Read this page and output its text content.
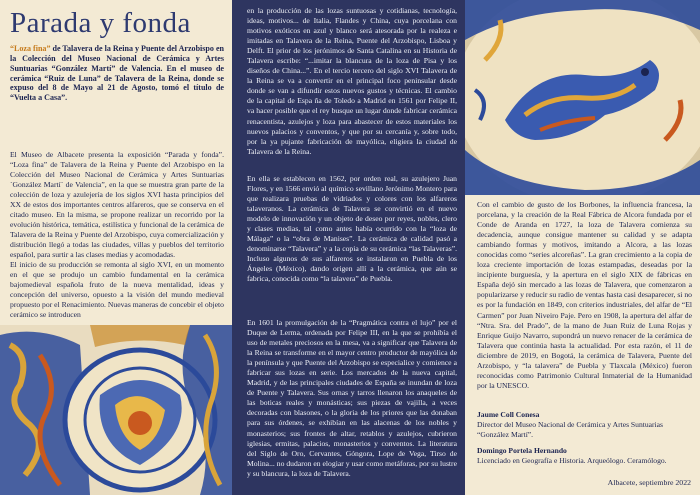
Parada y fonda
“Loza fina” de Talavera de la Reina y Puente del Arzobispo en la Colección del Museo Nacional de Cerámica y Artes Suntuarias “González Martí” de Valencia. En el museo de cerámica “Ruiz de Luna” de Talavera de la Reina, donde se expuso del 8 de Mayo al 21 de Agosto, tomó el título de “Vuelta a Casa”.
El Museo de Albacete presenta la exposición “Parada y fonda”. “Loza fina” de Talavera de la Reina y Puente del Arzobispo en la Colección del Museo Nacional de Cerámica y Artes Suntuarias ´González Martí´ de Valencia”, en la que se muestra gran parte de la colección de loza y azulejería de los siglos XVI hasta principios del XX de estos dos importantes centros alfareros, que se conserva en el citado museo. En la misma, se propone realizar un recorrido por la evolución histórica, temática, estilística y funcional de la cerámica de Talavera de la Reina y Puente del Arzobispo, cuya comercialización y distribución llegó a todas las ciudades, villas y pueblos del territorio español, para surtir a las clases medias y acomodadas.
El inicio de su producción se remonta al siglo XVI, en un momento en el que se produjo un cambio fundamental en la cerámica bajomedieval española fruto de la nueva mentalidad, ideas y concepción del universo, opuesto a la visión del mundo medieval propuesto por el Renacimiento. Nuevas maneras de concebir el objeto cerámico se introducen
en la producción de las lozas suntuosas y cotidianas, tecnología, ideas, motivos... de Italia, Flandes y China, cuya porcelana con motivos exóticos en azul y blanco será atesorada por la realeza e imitadas en Talavera de la Reina, Puente del Arzobispo, Lisboa y Delft. El prior de los jerónimos de Santa Catalina en su Historia de Talavera escribe: “...imitar la blancura de la loza de Pisa y los diseños de China...”. En el tercio tercero del siglo XVI Talavera de la Reina se va a convertir en el principal foco peninsular desde donde se van a difundir estos nuevos gustos y técnicas. El cambio de la capital de Espa ña de Toledo a Madrid en 1561 por Felipe II, va hacer posible que el rey busque un lugar donde fabricar cerámica renacentista, azulejos y loza para abastecer de estos materiales los nuevos palacios y conventos, y que por su cercanía y, sobre todo, por la ya pujante fabricación de mayólica, eligiera la ciudad de Talavera de la Reina.
En ella se establecen en 1562, por orden real, su azulejero Juan Flores, y en 1566 envió al químico sevillano Jerónimo Montero para que realizara pruebas de vidriados y colores con los alfareros talaveranos. La cerámica de Talavera se convirtió en el nuevo modelo de innovación y un objeto de deseo por reyes, nobles, clero y clases medias, tal como antes había ocurrido con la “loza de Málaga” o la “obra de Manises”. La cerámica de calidad pasó a denominarse “Talavera” y a la copia de su cerámica “las Talaveras”. Incluso algunos de sus alfareros se instalaron en Puebla de los Ángeles (México), dando origen allí a la cerámica, que aún se fabrica, conocida como “la talavera” de Puebla.
En 1601 la promulgación de la “Pragmática contra el lujo” por el Duque de Lerma, ordenada por Felipe III, en la que se prohibía el uso de metales preciosos en la mesa, va a significar que Talavera de la Reina se transforme en el mayor centro productor de mayólica de la península y que Puente del Arzobispo se especialice y comience a fabricar sus lozas en serie. Los mercados de la nueva capital, Madrid, y de las principales ciudades de España se inundan de loza de Puente y Talavera. Sus ornas y tarros llenaron los anaqueles de las boticas reales y monásticas; sus piezas de vajilla, a veces decoradas con blasones, o la gloria de los priores que las donaban para sus órdenes, se exhibían en las alacenas de los nobles y monasterios; sus frontes de altar, retablos y azulejos, cubrieron iglesias, ermitas, palacios, monasterios y conventos. La literatura del Siglo de Oro, Cervantes, Góngora, Lope de Vega, Tirso de Molina... no dudaron en elogiar y usar como metáforas, por su lustre y su blancura, la loza de Talavera.
Con el cambio de gusto de los Borbones, la influencia francesa, la porcelana, y la creación de la Real Fábrica de Alcora fundada por el Conde de Aranda en 1727, la loza de Talavera comienza su decadencia, aunque consigue mantener su calidad y se adapta cambiando formas y motivos, imitando a Alcora, a las lozas conocidas como “series alcoreñas”. La gran crecimiento a la copia de loza creciente importación de lozas estampadas, deseadas por la incipiente burguesía, y la apertura en el siglo XIX de fábricas en España dejó sin mercado a las lozas de Talavera, que comenzaron a popularizarse y reducir su radio de ventas hasta casi desaparecer, si no es por la fundación en 1849, con criterios industriales, del alfar de “El Carmen” por Juan Niveiro Paje. Pero en 1908, la apertura del alfar de “Ntra. Sra. del Prado”, de la mano de Juan Ruiz de Luna Rojas y Enrique Guijo Navarro, supondrá un nuevo renacer de la cerámica de Talavera que continúa hasta la actualidad. Por esta razón, el 11 de diciembre de 2019, en Bogotá, la cerámica de Talavera, Puente del Arzobispo, y “la talavera” de Puebla y Tlaxcala (México) fueron reconocidas como Patrimonio Cultural Inmaterial de la Humanidad por la UNESCO.
Jaume Coll Conesa
Director del Museo Nacional de Cerámica y Artes Suntuarias “González Martí”.
Domingo Portela Hernando
Licenciado en Geografía e Historia. Arqueólogo. Ceramólogo.
Albacete, septiembre 2022
